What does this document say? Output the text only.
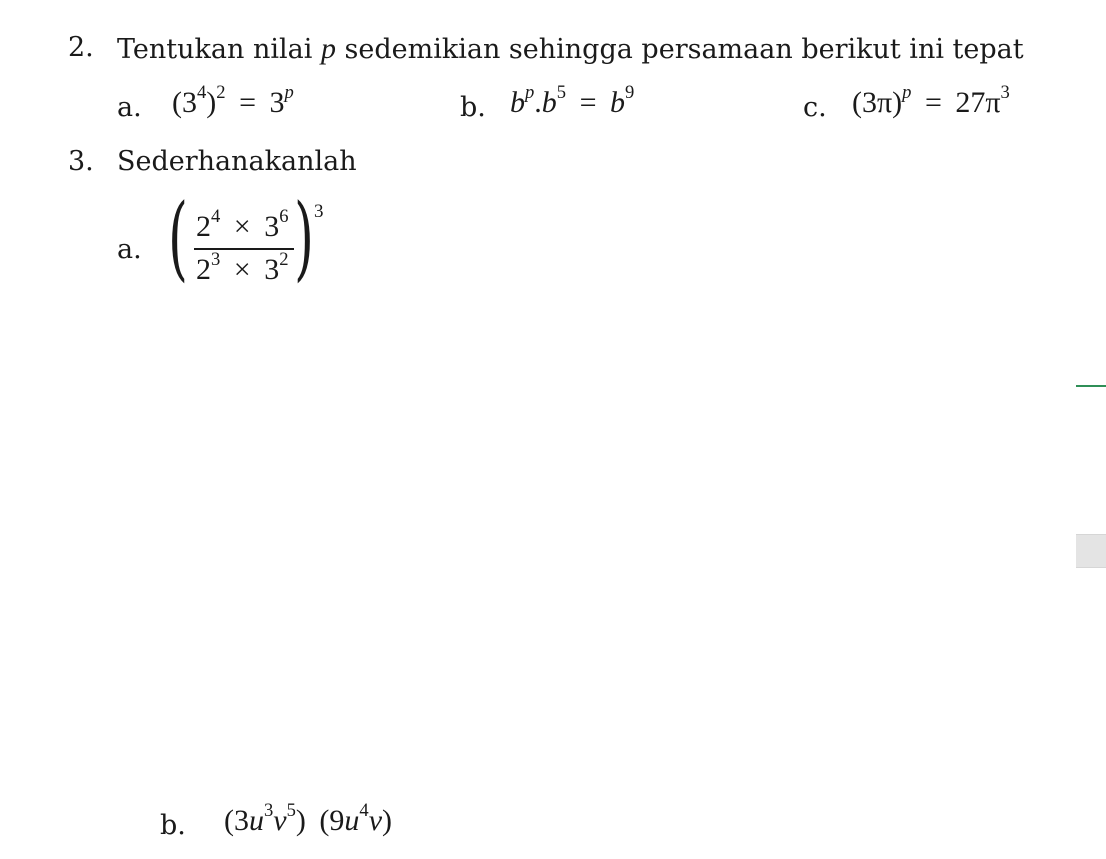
2. Tentukan nilai p sedemikian sehingga persamaan berikut ini tepat
a. $(3^4)^2 = 3^p$	b. $b^p.b^5 = b^9$	c. $(3\pi)^p = 27\pi^3$
3. Sederhanakanlah
a. ( $2^4 \times 3^6$
$2^3 \times 3^2$ ) 3
b. $(3u^3v^5)$ $(9u^4v)$
